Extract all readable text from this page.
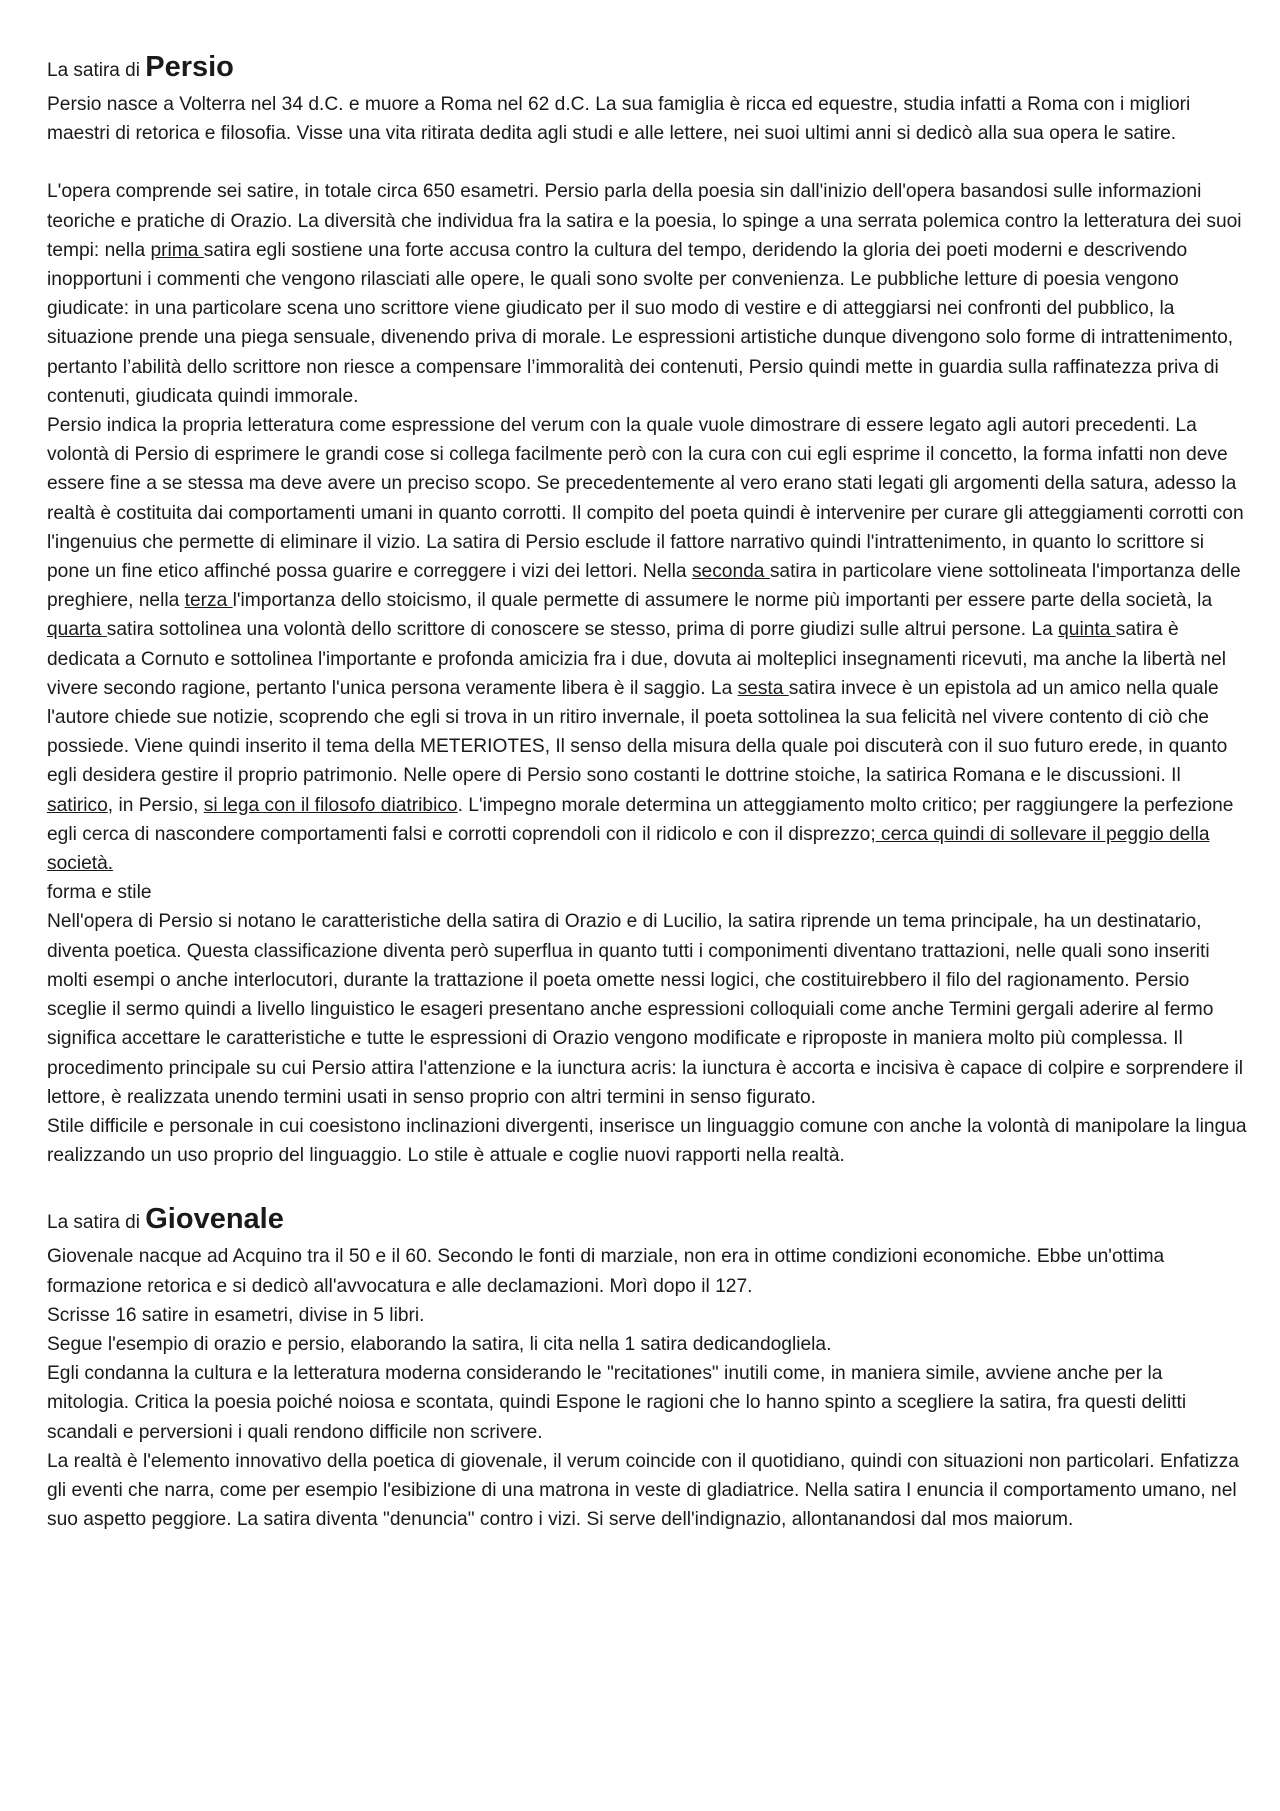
La satira di Persio

Persio nasce a Volterra nel 34 d.C. e muore a Roma nel 62 d.C. La sua famiglia è ricca ed equestre, studia infatti a Roma con i migliori maestri di retorica e filosofia. Visse una vita ritirata dedita agli studi e alle lettere, nei suoi ultimi anni si dedicò alla sua opera le satire.

L'opera comprende sei satire, in totale circa 650 esametri. Persio parla della poesia sin dall'inizio dell'opera basandosi sulle informazioni teoriche e pratiche di Orazio. La diversità che individua fra la satira e la poesia, lo spinge a una serrata polemica contro la letteratura dei suoi tempi: nella prima satira egli sostiene una forte accusa contro la cultura del tempo, deridendo la gloria dei poeti moderni e descrivendo inopportuni i commenti che vengono rilasciati alle opere, le quali sono svolte per convenienza. Le pubbliche letture di poesia vengono giudicate: in una particolare scena uno scrittore viene giudicato per il suo modo di vestire e di atteggiarsi nei confronti del pubblico, la situazione prende una piega sensuale, divenendo priva di morale. Le espressioni artistiche dunque divengono solo forme di intrattenimento, pertanto l’abilità dello scrittore non riesce a compensare l’immoralità dei contenuti, Persio quindi mette in guardia sulla raffinatezza priva di contenuti, giudicata quindi immorale.

Persio indica la propria letteratura come espressione del verum con la quale vuole dimostrare di essere legato agli autori precedenti. La volontà di Persio di esprimere le grandi cose si collega facilmente però con la cura con cui egli esprime il concetto, la forma infatti non deve essere fine a se stessa ma deve avere un preciso scopo. Se precedentemente al vero erano stati legati gli argomenti della satura, adesso la realtà è costituita dai comportamenti umani in quanto corrotti. Il compito del poeta quindi è intervenire per curare gli atteggiamenti corrotti con l'ingenuius che permette di eliminare il vizio. La satira di Persio esclude il fattore narrativo quindi l'intrattenimento, in quanto lo scrittore si pone un fine etico affinché possa guarire e correggere i vizi dei lettori. Nella seconda satira in particolare viene sottolineata l'importanza delle preghiere, nella terza l'importanza dello stoicismo, il quale permette di assumere le norme più importanti per essere parte della società, la quarta satira sottolinea una volontà dello scrittore di conoscere se stesso, prima di porre giudizi sulle altrui persone. La quinta satira è dedicata a Cornuto e sottolinea l'importante e profonda amicizia fra i due, dovuta ai molteplici insegnamenti ricevuti, ma anche la libertà nel vivere secondo ragione, pertanto l'unica persona veramente libera è il saggio. La sesta satira invece è un epistola ad un amico nella quale l'autore chiede sue notizie, scoprendo che egli si trova in un ritiro invernale, il poeta sottolinea la sua felicità nel vivere contento di ciò che possiede. Viene quindi inserito il tema della METERIOTES, Il senso della misura della quale poi discuterà con il suo futuro erede, in quanto egli desidera gestire il proprio patrimonio. Nelle opere di Persio sono costanti le dottrine stoiche, la satirica Romana e le discussioni. Il satirico, in Persio, si lega con il filosofo diatribico. L'impegno morale determina un atteggiamento molto critico; per raggiungere la perfezione egli cerca di nascondere comportamenti falsi e corrotti coprendoli con il ridicolo e con il disprezzo; cerca quindi di sollevare il peggio della società.

forma e stile

Nell'opera di Persio si notano le caratteristiche della satira di Orazio e di Lucilio, la satira riprende un tema principale, ha un destinatario, diventa poetica. Questa classificazione diventa però superflua in quanto tutti i componimenti diventano trattazioni, nelle quali sono inseriti molti esempi o anche interlocutori, durante la trattazione il poeta omette nessi logici, che costituirebbero il filo del ragionamento. Persio sceglie il sermo quindi a livello linguistico le esageri presentano anche espressioni colloquiali come anche Termini gergali aderire al fermo significa accettare le caratteristiche e tutte le espressioni di Orazio vengono modificate e riproposte in maniera molto più complessa. Il procedimento principale su cui Persio attira l'attenzione e la iunctura acris: la iunctura è accorta e incisiva è capace di colpire e sorprendere il lettore, è realizzata unendo termini usati in senso proprio con altri termini in senso figurato.

Stile difficile e personale in cui coesistono inclinazioni divergenti, inserisce un linguaggio comune con anche la volontà di manipolare la lingua realizzando un uso proprio del linguaggio. Lo stile è attuale e coglie nuovi rapporti nella realtà.

La satira di Giovenale

Giovenale nacque ad Acquino tra il 50 e il 60. Secondo le fonti di marziale, non era in ottime condizioni economiche. Ebbe un'ottima formazione retorica e si dedicò all'avvocatura e alle declamazioni. Morì dopo il 127.

Scrisse 16 satire in esametri, divise in 5 libri.

Segue l'esempio di orazio e persio, elaborando la satira, li cita nella 1 satira dedicandogliela.

Egli condanna la cultura e la letteratura moderna considerando le "recitationes" inutili come, in maniera simile, avviene anche per la mitologia. Critica la poesia poiché noiosa e scontata, quindi Espone le ragioni che lo hanno spinto a scegliere la satira, fra questi delitti scandali e perversioni i quali rendono difficile non scrivere.

La realtà è l'elemento innovativo della poetica di giovenale, il verum coincide con il quotidiano, quindi con situazioni non particolari. Enfatizza gli eventi che narra, come per esempio l'esibizione di una matrona in veste di gladiatrice. Nella satira I enuncia il comportamento umano, nel suo aspetto peggiore. La satira diventa "denuncia" contro i vizi. Si serve dell'indignazio, allontanandosi dal mos maiorum.
